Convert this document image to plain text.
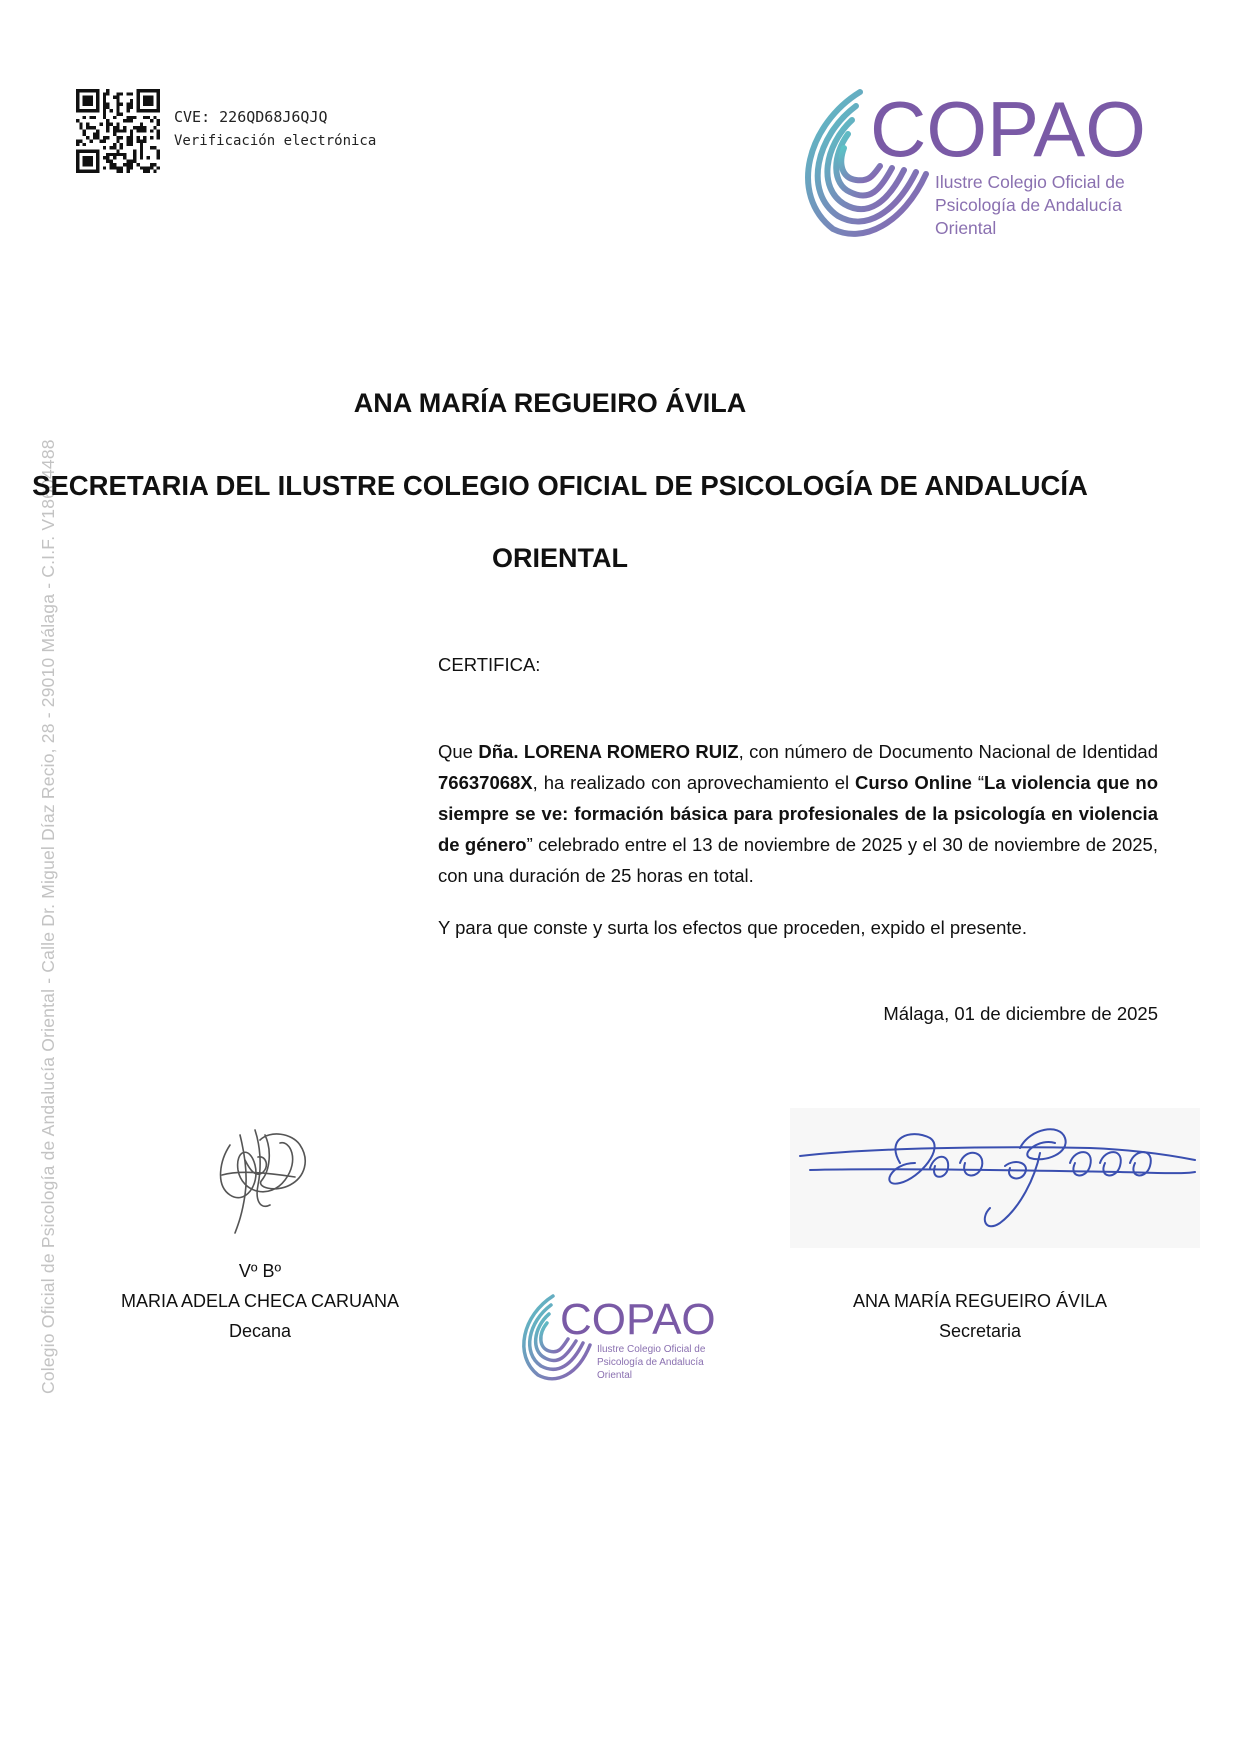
CVE: 226QD68J6QJQ
Verificación electrónica	COPAO
Ilustre Colegio Oficial de
Psicología de Andalucía
Oriental
Colegio Oficial de Psicología de Andalucía Oriental - Calle Dr. Miguel Díaz Recio, 28 - 29010 Málaga - C.I.F. V18604488
ANA MARÍA REGUEIRO ÁVILA
SECRETARIA DEL ILUSTRE COLEGIO OFICIAL DE PSICOLOGÍA DE ANDALUCÍA
ORIENTAL
CERTIFICA:
Que Dña. LORENA ROMERO RUIZ, con número de Documento Nacional de Identidad 76637068X, ha realizado con aprovechamiento el Curso Online “La violencia que no siempre se ve: formación básica para profesionales de la psicología en violencia de género” celebrado entre el 13 de noviembre de 2025 y el 30 de noviembre de 2025, con una duración de 25 horas en total.
Y para que conste y surta los efectos que proceden, expido el presente.
Málaga, 01 de diciembre de 2025
Vº Bº
MARIA ADELA CHECA CARUANA
Decana
ANA MARÍA REGUEIRO ÁVILA
Secretaria
COPAO
Ilustre Colegio Oficial de
Psicología de Andalucía
Oriental
